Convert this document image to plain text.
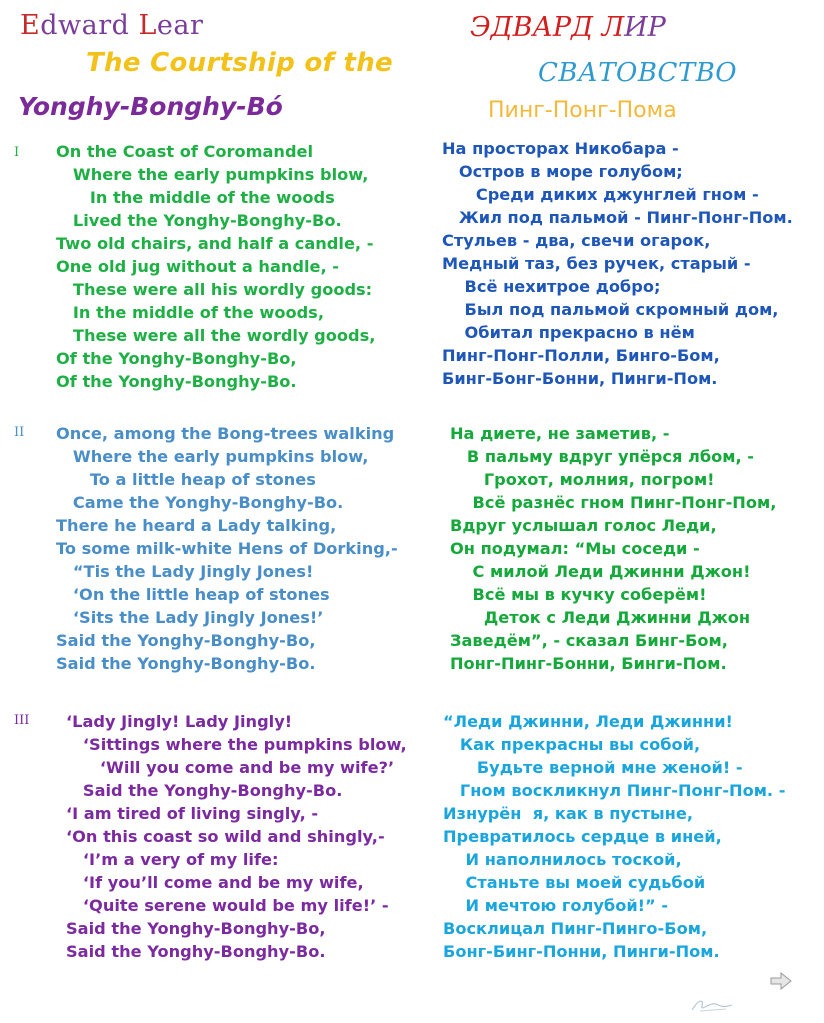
Edward Lear
The Courtship of the
Yonghy-Bonghy-Bó
ЭДВАРД ЛИР
СВАТОВСТВО
Пинг-Понг-Пома
I
II
III
On the Coast of Coromandel
Where the early pumpkins blow,
In the middle of the woods
Lived the Yonghy-Bonghy-Bo.
Two old chairs, and half a candle, -
One old jug without a handle, -
These were all his wordly goods:
In the middle of the woods,
These were all the wordly goods,
Of the Yonghy-Bonghy-Bo,
Of the Yonghy-Bonghy-Bo.
Once, among the Bong-trees walking
Where the early pumpkins blow,
To a little heap of stones
Came the Yonghy-Bonghy-Bo.
There he heard a Lady talking,
To some milk-white Hens of Dorking,-
“Tis the Lady Jingly Jones!
‘On the little heap of stones
‘Sits the Lady Jingly Jones!’
Said the Yonghy-Bonghy-Bo,
Said the Yonghy-Bonghy-Bo.
‘Lady Jingly! Lady Jingly!
‘Sittings where the pumpkins blow,
‘Will you come and be my wife?’
Said the Yonghy-Bonghy-Bo.
‘I am tired of living singly, -
‘On this coast so wild and shingly,-
‘I’m a very of my life:
‘If you’ll come and be my wife,
‘Quite serene would be my life!’ -
Said the Yonghy-Bonghy-Bo,
Said the Yonghy-Bonghy-Bo.
На просторах Никобара -
Остров в море голубом;
Среди диких джунглей гном -
Жил под пальмой - Пинг-Понг-Пом.
Стульев - два, свечи огарок,
Медный таз, без ручек, старый -
Всё нехитрое добро;
Был под пальмой скромный дом,
Обитал прекрасно в нём
Пинг-Понг-Полли, Бинго-Бом,
Бинг-Бонг-Бонни, Пинги-Пом.
На диете, не заметив, -
В пальму вдруг упёрся лбом, -
Грохот, молния, погром!
Всё разнёс гном Пинг-Понг-Пом,
Вдруг услышал голос Леди,
Он подумал: “Мы соседи -
С милой Леди Джинни Джон!
Всё мы в кучку соберём!
Деток с Леди Джинни Джон
Заведём”, - сказал Бинг-Бом,
Понг-Пинг-Бонни, Бинги-Пом.
“Леди Джинни, Леди Джинни!
Как прекрасны вы собой,
Будьте верной мне женой! -
Гном воскликнул Пинг-Понг-Пом. -
Изнурён  я, как в пустыне,
Превратилось сердце в иней,
И наполнилось тоской,
Станьте вы моей судьбой
И мечтою голубой!” -
Восклицал Пинг-Пинго-Бом,
Бонг-Бинг-Понни, Пинги-Пом.
